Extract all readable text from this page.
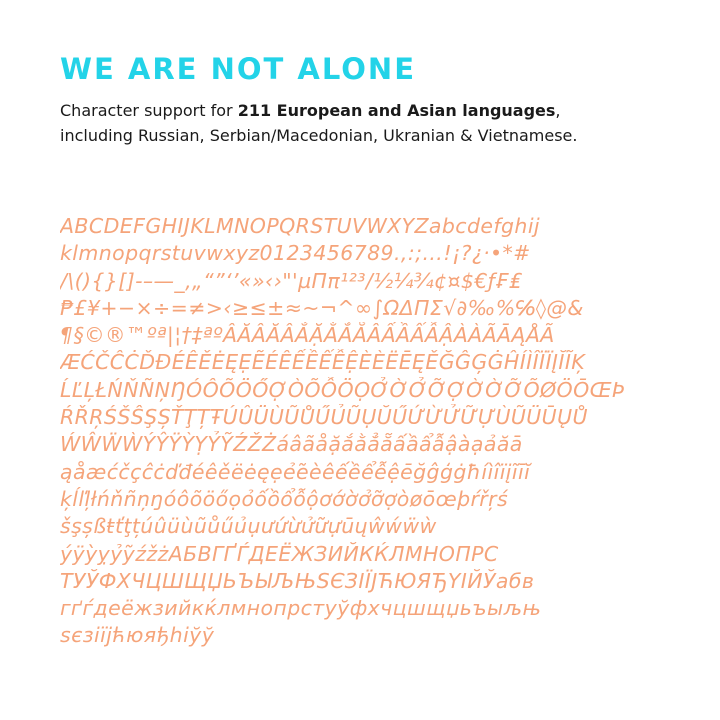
WE ARE NOT ALONE

Character support for 211 European and Asian languages,
including Russian, Serbian/Macedonian, Ukranian & Vietnamese.

ABCDEFGHIJKLMNOPQRSTUVWXYZabcdefghij
klmnopqrstuvwxyz0123456789.,:;…!¡?¿·•*#
/\(){}[]-–—_‚„“”‘’«»‹›"'µΠπ¹²³/½¼¾¢¤$€ƒ₣₤
₱£¥+−×÷=≠>‹≥≤±≈~¬^∞∫ΩΔΠΣ√∂‰%℅◊@&
¶§©®™ºª|¦†‡ªºÂĂÂĂÂẮẶẰẲẴÂẤẦẨẪẬÀÀÃĀĄÅÃ
ÆĆČĈĊĎĐÉÊĚĖĘẸẼÉÊẾỀỂỄỆÈÈËĒĘĚĞĜĢĠĤÍÌÎÏÏĮĬĨĶ
ĹĽĻŁŃŇÑŅŊÓÔÕÖŐỢÒÕỖÖỌỞỜỞỠỢỜỜỠÕØÖŌŒÞ
ŔŘŖŚŠŜŞȘŤŢȚŦÚÛÜÙŨŮŰỦŨỤŬŰỨỪỬỮỰÙŨÜŪŲŮ
ẂŴẄẀÝŶŸỲỴỶỸŹŽŻáâãåặắằẳẵấầẩẫậàạảăā
ąåæćčçĉċďđéêěëėęẹẻẽèêếềểễệēğĝģġħíìîïįĩīĭ
ķĺľļłńňñņŋóôõöőọỏốồổỗộơớờởỡợòøōœþŕřŗś
šşșßŧťţțúûüùũůűủụưứừửữựūųŵẃẅẁ
ýÿỳỵỷỹźžżАБВГҐЃДЕЁЖЗИЙКЌЛМНОПРС
ТУЎФХЧЦШЩЏЬЪЫЉЊЅЄЗІЇЈЋЮЯЂҮІЙЎабв
гґѓдеёжзийкќлмнопрстуўфхчцшщџьъыљњ
ѕєзіїјћюяђһіўў
